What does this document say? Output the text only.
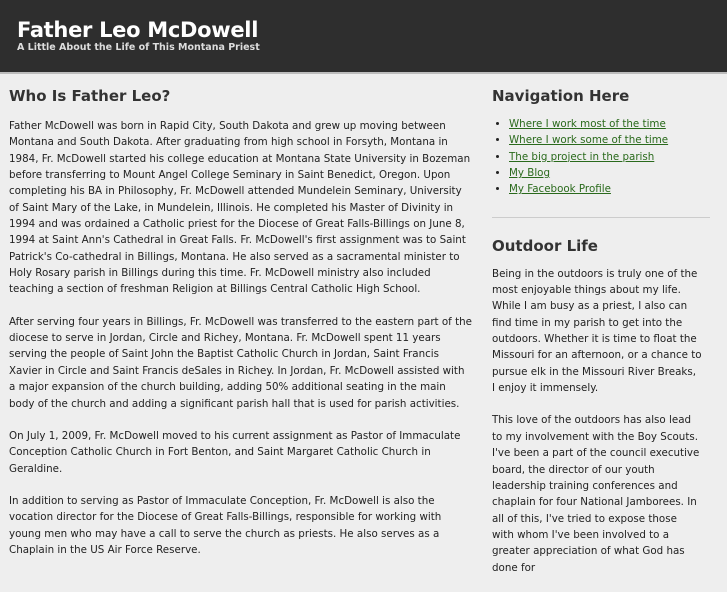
Father Leo McDowell
A Little About the Life of This Montana Priest
Who Is Father Leo?

Father McDowell was born in Rapid City, South Dakota and grew up moving between Montana and South Dakota. After graduating from high school in Forsyth, Montana in 1984, Fr. McDowell started his college education at Montana State University in Bozeman before transferring to Mount Angel College Seminary in Saint Benedict, Oregon. Upon completing his BA in Philosophy, Fr. McDowell attended Mundelein Seminary, University of Saint Mary of the Lake, in Mundelein, Illinois. He completed his Master of Divinity in 1994 and was ordained a Catholic priest for the Diocese of Great Falls-Billings on June 8, 1994 at Saint Ann's Cathedral in Great Falls. Fr. McDowell's first assignment was to Saint Patrick's Co-cathedral in Billings, Montana. He also served as a sacramental minister to Holy Rosary parish in Billings during this time. Fr. McDowell ministry also included teaching a section of freshman Religion at Billings Central Catholic High School.

After serving four years in Billings, Fr. McDowell was transferred to the eastern part of the diocese to serve in Jordan, Circle and Richey, Montana. Fr. McDowell spent 11 years serving the people of Saint John the Baptist Catholic Church in Jordan, Saint Francis Xavier in Circle and Saint Francis deSales in Richey. In Jordan, Fr. McDowell assisted with a major expansion of the church building, adding 50% additional seating in the main body of the church and adding a significant parish hall that is used for parish activities.

On July 1, 2009, Fr. McDowell moved to his current assignment as Pastor of Immaculate Conception Catholic Church in Fort Benton, and Saint Margaret Catholic Church in Geraldine.

In addition to serving as Pastor of Immaculate Conception, Fr. McDowell is also the vocation director for the Diocese of Great Falls-Billings, responsible for working with young men who may have a call to serve the church as priests. He also serves as a Chaplain in the US Air Force Reserve.

Navigation Here
• Where I work most of the time
• Where I work some of the time
• The big project in the parish
• My Blog
• My Facebook Profile
Outdoor Life

Being in the outdoors is truly one of the most enjoyable things about my life. While I am busy as a priest, I also can find time in my parish to get into the outdoors. Whether it is time to float the Missouri for an afternoon, or a chance to pursue elk in the Missouri River Breaks, I enjoy it immensely.

This love of the outdoors has also lead to my involvement with the Boy Scouts. I've been a part of the council executive board, the director of our youth leadership training conferences and chaplain for four National Jamborees. In all of this, I've tried to expose those with whom I've been involved to a greater appreciation of what God has done for
